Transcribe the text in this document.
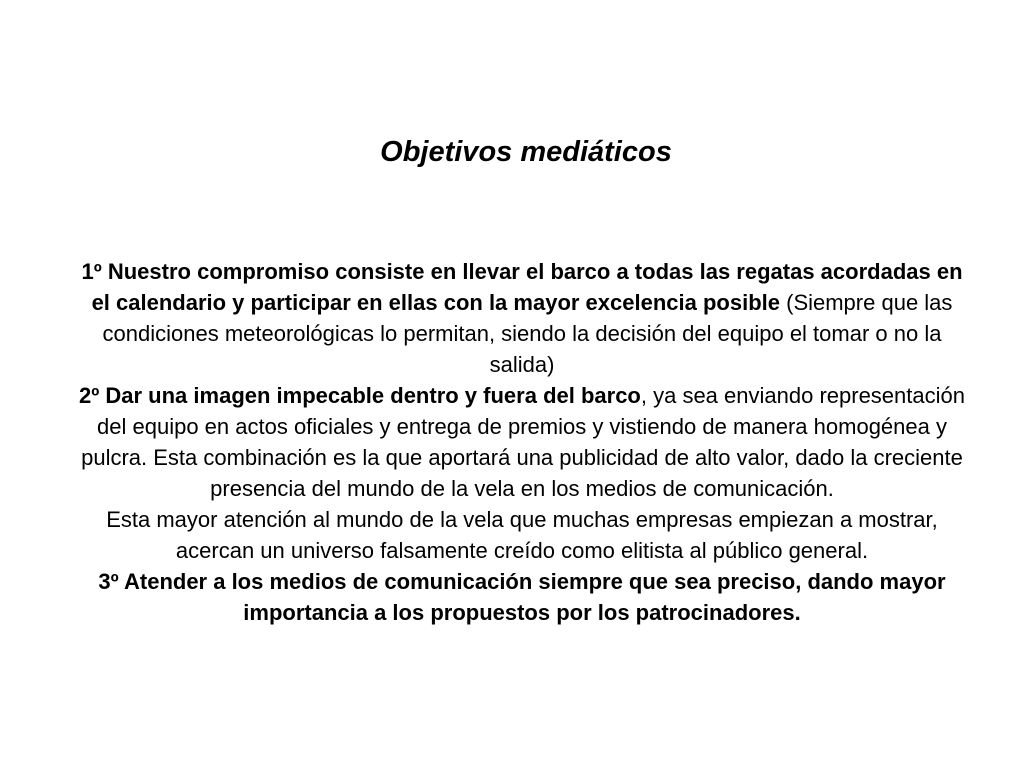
Objetivos mediáticos

1º Nuestro compromiso consiste en llevar el barco a todas las regatas acordadas en el calendario y participar en ellas con la mayor excelencia posible (Siempre que las condiciones meteorológicas lo permitan, siendo la decisión del equipo el tomar o no la salida)

2º Dar una imagen impecable dentro y fuera del barco, ya sea enviando representación del equipo en actos oficiales y entrega de premios y vistiendo de manera homogénea y pulcra. Esta combinación es la que aportará una publicidad de alto valor, dado la creciente presencia del mundo de la vela en los medios de comunicación.

Esta mayor atención al mundo de la vela que muchas empresas empiezan a mostrar, acercan un universo falsamente creído como elitista al público general.

3º Atender a los medios de comunicación siempre que sea preciso, dando mayor importancia a los propuestos por los patrocinadores.
